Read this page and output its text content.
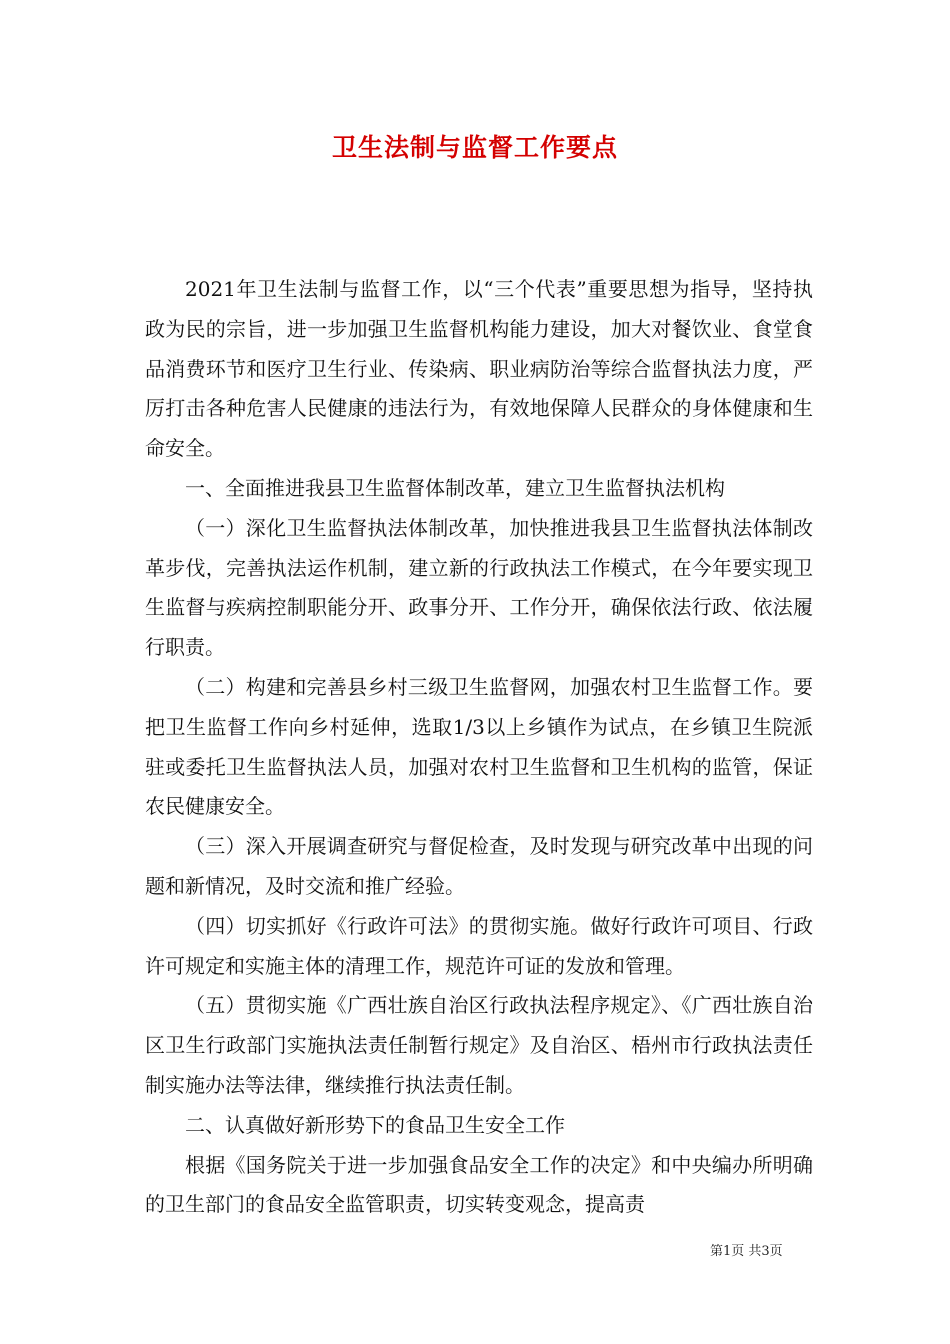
卫生法制与监督工作要点

2021年卫生法制与监督工作，以“三个代表”重要思想为指导，坚持执政为民的宗旨，进一步加强卫生监督机构能力建设，加大对餐饮业、食堂食品消费环节和医疗卫生行业、传染病、职业病防治等综合监督执法力度，严厉打击各种危害人民健康的违法行为，有效地保障人民群众的身体健康和生命安全。

一、全面推进我县卫生监督体制改革，建立卫生监督执法机构

（一）深化卫生监督执法体制改革，加快推进我县卫生监督执法体制改革步伐，完善执法运作机制，建立新的行政执法工作模式，在今年要实现卫生监督与疾病控制职能分开、政事分开、工作分开，确保依法行政、依法履行职责。

（二）构建和完善县乡村三级卫生监督网，加强农村卫生监督工作。要把卫生监督工作向乡村延伸，选取1/3以上乡镇作为试点，在乡镇卫生院派驻或委托卫生监督执法人员，加强对农村卫生监督和卫生机构的监管，保证农民健康安全。

（三）深入开展调查研究与督促检查，及时发现与研究改革中出现的问题和新情况，及时交流和推广经验。

（四）切实抓好《行政许可法》的贯彻实施。做好行政许可项目、行政许可规定和实施主体的清理工作，规范许可证的发放和管理。

（五）贯彻实施《广西壮族自治区行政执法程序规定》、《广西壮族自治区卫生行政部门实施执法责任制暂行规定》及自治区、梧州市行政执法责任制实施办法等法律，继续推行执法责任制。

二、认真做好新形势下的食品卫生安全工作

根据《国务院关于进一步加强食品安全工作的决定》和中央编办所明确的卫生部门的食品安全监管职责，切实转变观念，提高责

第1页 共3页
